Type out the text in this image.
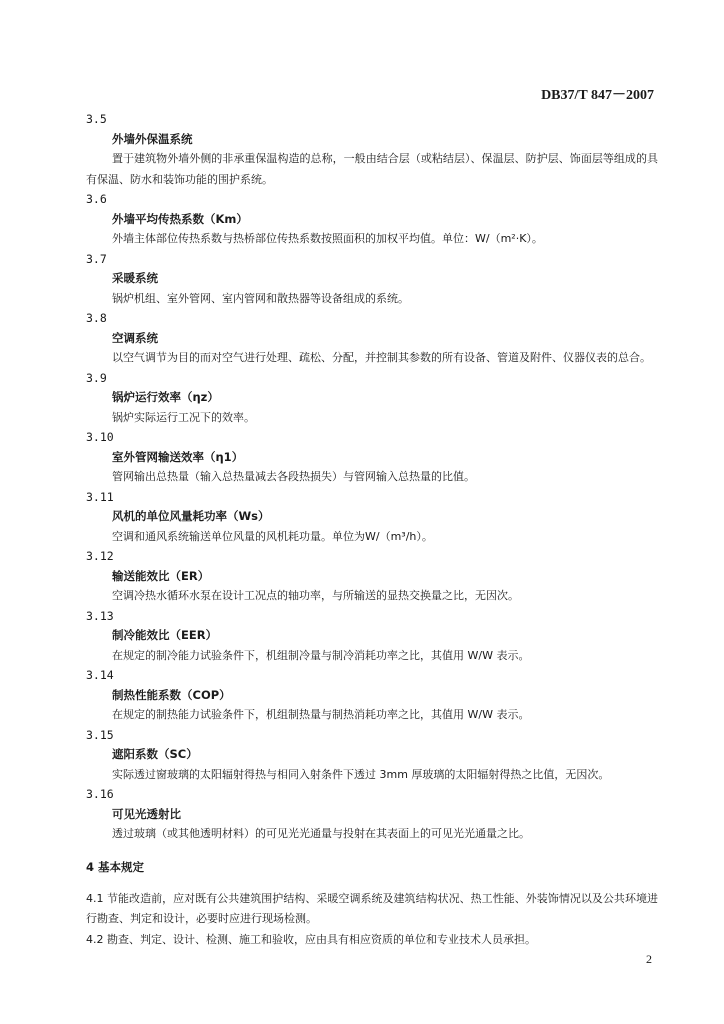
DB37/T 847－2007
3.5
外墙外保温系统
置于建筑物外墙外侧的非承重保温构造的总称，一般由结合层（或粘结层）、保温层、防护层、饰面层等组成的具有保温、防水和装饰功能的围护系统。
3.6
外墙平均传热系数（Km）
外墙主体部位传热系数与热桥部位传热系数按照面积的加权平均值。单位：W/（m²·K）。
3.7
采暖系统
锅炉机组、室外管网、室内管网和散热器等设备组成的系统。
3.8
空调系统
以空气调节为目的而对空气进行处理、疏松、分配，并控制其参数的所有设备、管道及附件、仪器仪表的总合。
3.9
锅炉运行效率（ηz）
锅炉实际运行工况下的效率。
3.10
室外管网输送效率（η1）
管网输出总热量（输入总热量减去各段热损失）与管网输入总热量的比值。
3.11
风机的单位风量耗功率（Ws）
空调和通风系统输送单位风量的风机耗功量。单位为W/（m³/h）。
3.12
输送能效比（ER）
空调冷热水循环水泵在设计工况点的轴功率，与所输送的显热交换量之比，无因次。
3.13
制冷能效比（EER）
在规定的制冷能力试验条件下，机组制冷量与制冷消耗功率之比，其值用 W/W 表示。
3.14
制热性能系数（COP）
在规定的制热能力试验条件下，机组制热量与制热消耗功率之比，其值用 W/W 表示。
3.15
遮阳系数（SC）
实际透过窗玻璃的太阳辐射得热与相同入射条件下透过 3mm 厚玻璃的太阳辐射得热之比值，无因次。
3.16
可见光透射比
透过玻璃（或其他透明材料）的可见光光通量与投射在其表面上的可见光光通量之比。
4 基本规定
4.1 节能改造前，应对既有公共建筑围护结构、采暖空调系统及建筑结构状况、热工性能、外装饰情况以及公共环境进行勘查、判定和设计，必要时应进行现场检测。
4.2 勘查、判定、设计、检测、施工和验收，应由具有相应资质的单位和专业技术人员承担。
2
